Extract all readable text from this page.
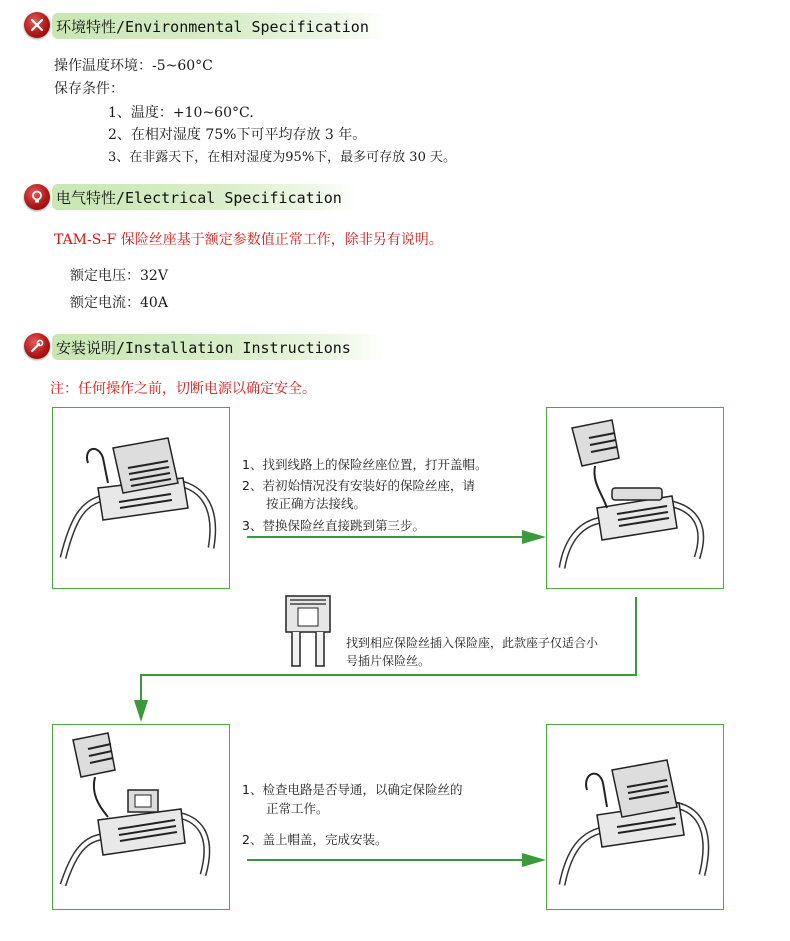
环境特性/Environmental Specification
操作温度环境：-5~60°C
保存条件：
1、温度：+10~60°C.
2、在相对湿度 75%下可平均存放 3 年。
3、在非露天下，在相对湿度为95%下，最多可存放 30 天。
电气特性/Electrical Specification
TAM-S-F 保险丝座基于额定参数值正常工作，除非另有说明。
额定电压：32V
额定电流：40A
安装说明/Installation Instructions
注：任何操作之前，切断电源以确定安全。
1、找到线路上的保险丝座位置，打开盖帽。
2、若初始情况没有安装好的保险丝座，请
按正确方法接线。
3、替换保险丝直接跳到第三步。
找到相应保险丝插入保险座，此款座子仅适合小
号插片保险丝。
1、检查电路是否导通，以确定保险丝的
正常工作。
2、盖上帽盖，完成安装。
